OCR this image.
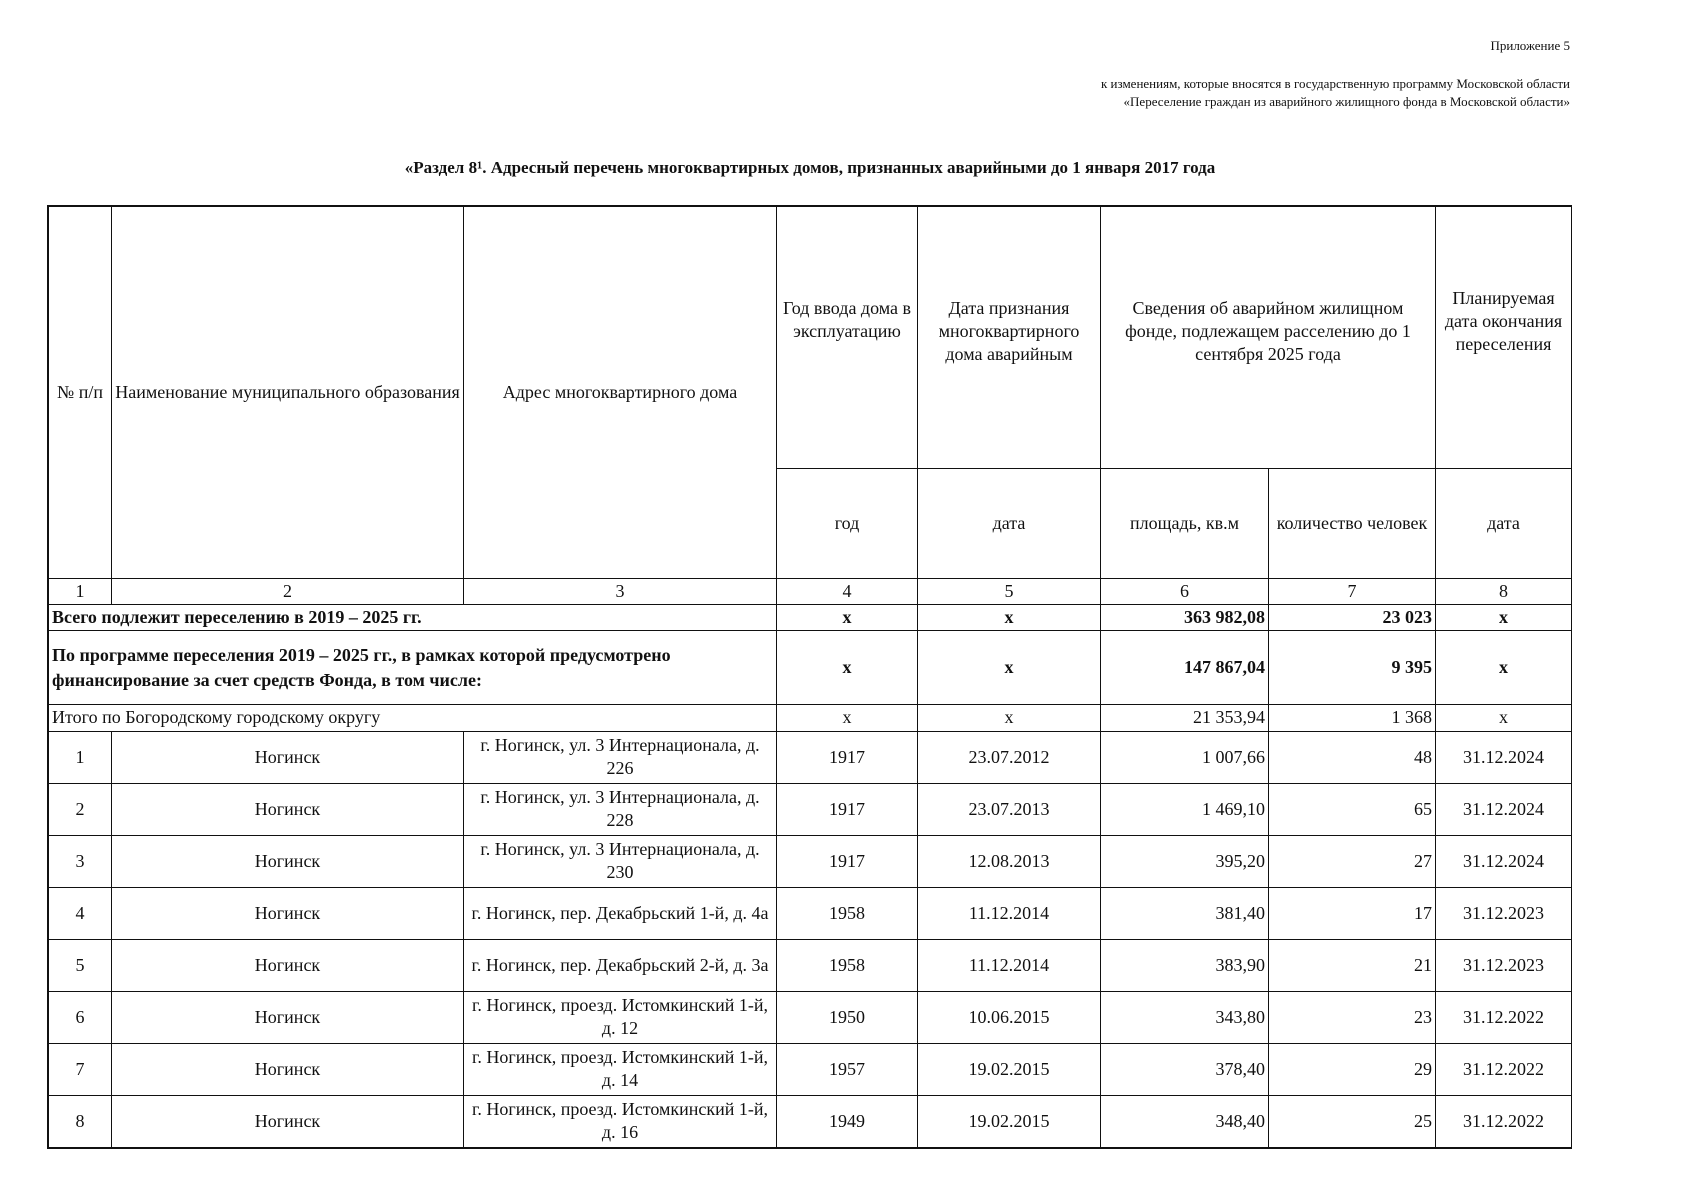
Приложение 5
к изменениям, которые вносятся в государственную программу Московской области «Переселение граждан из аварийного жилищного фонда в Московской области»
«Раздел 8¹. Адресный перечень многоквартирных домов, признанных аварийными до 1 января 2017 года
№ п/п	Наименование муниципального образования	Адрес многоквартирного дома	Год ввода дома в эксплуатацию	Дата признания многоквартирного дома аварийным	Сведения об аварийном жилищном фонде, подлежащем расселению до 1 сентября 2025 года		Планируемая дата окончания переселения
			год	дата	площадь, кв.м	количество человек	дата
1	2	3	4	5	6	7	8
Всего подлежит переселению в 2019 – 2025 гг.			х	х	363 982,08	23 023	х
По программе переселения 2019 – 2025 гг., в рамках которой предусмотрено финансирование за счет средств Фонда, в том числе:			х	х	147 867,04	9 395	х
Итого по Богородскому городскому округу			х	х	21 353,94	1 368	х
1	Ногинск	г. Ногинск, ул. 3 Интернационала, д. 226	1917	23.07.2012	1 007,66	48	31.12.2024
2	Ногинск	г. Ногинск, ул. 3 Интернационала, д. 228	1917	23.07.2013	1 469,10	65	31.12.2024
3	Ногинск	г. Ногинск, ул. 3 Интернационала, д. 230	1917	12.08.2013	395,20	27	31.12.2024
4	Ногинск	г. Ногинск, пер. Декабрьский 1-й, д. 4а	1958	11.12.2014	381,40	17	31.12.2023
5	Ногинск	г. Ногинск, пер. Декабрьский 2-й, д. 3а	1958	11.12.2014	383,90	21	31.12.2023
6	Ногинск	г. Ногинск, проезд. Истомкинский 1-й, д. 12	1950	10.06.2015	343,80	23	31.12.2022
7	Ногинск	г. Ногинск, проезд. Истомкинский 1-й, д. 14	1957	19.02.2015	378,40	29	31.12.2022
8	Ногинск	г. Ногинск, проезд. Истомкинский 1-й, д. 16	1949	19.02.2015	348,40	25	31.12.2022
